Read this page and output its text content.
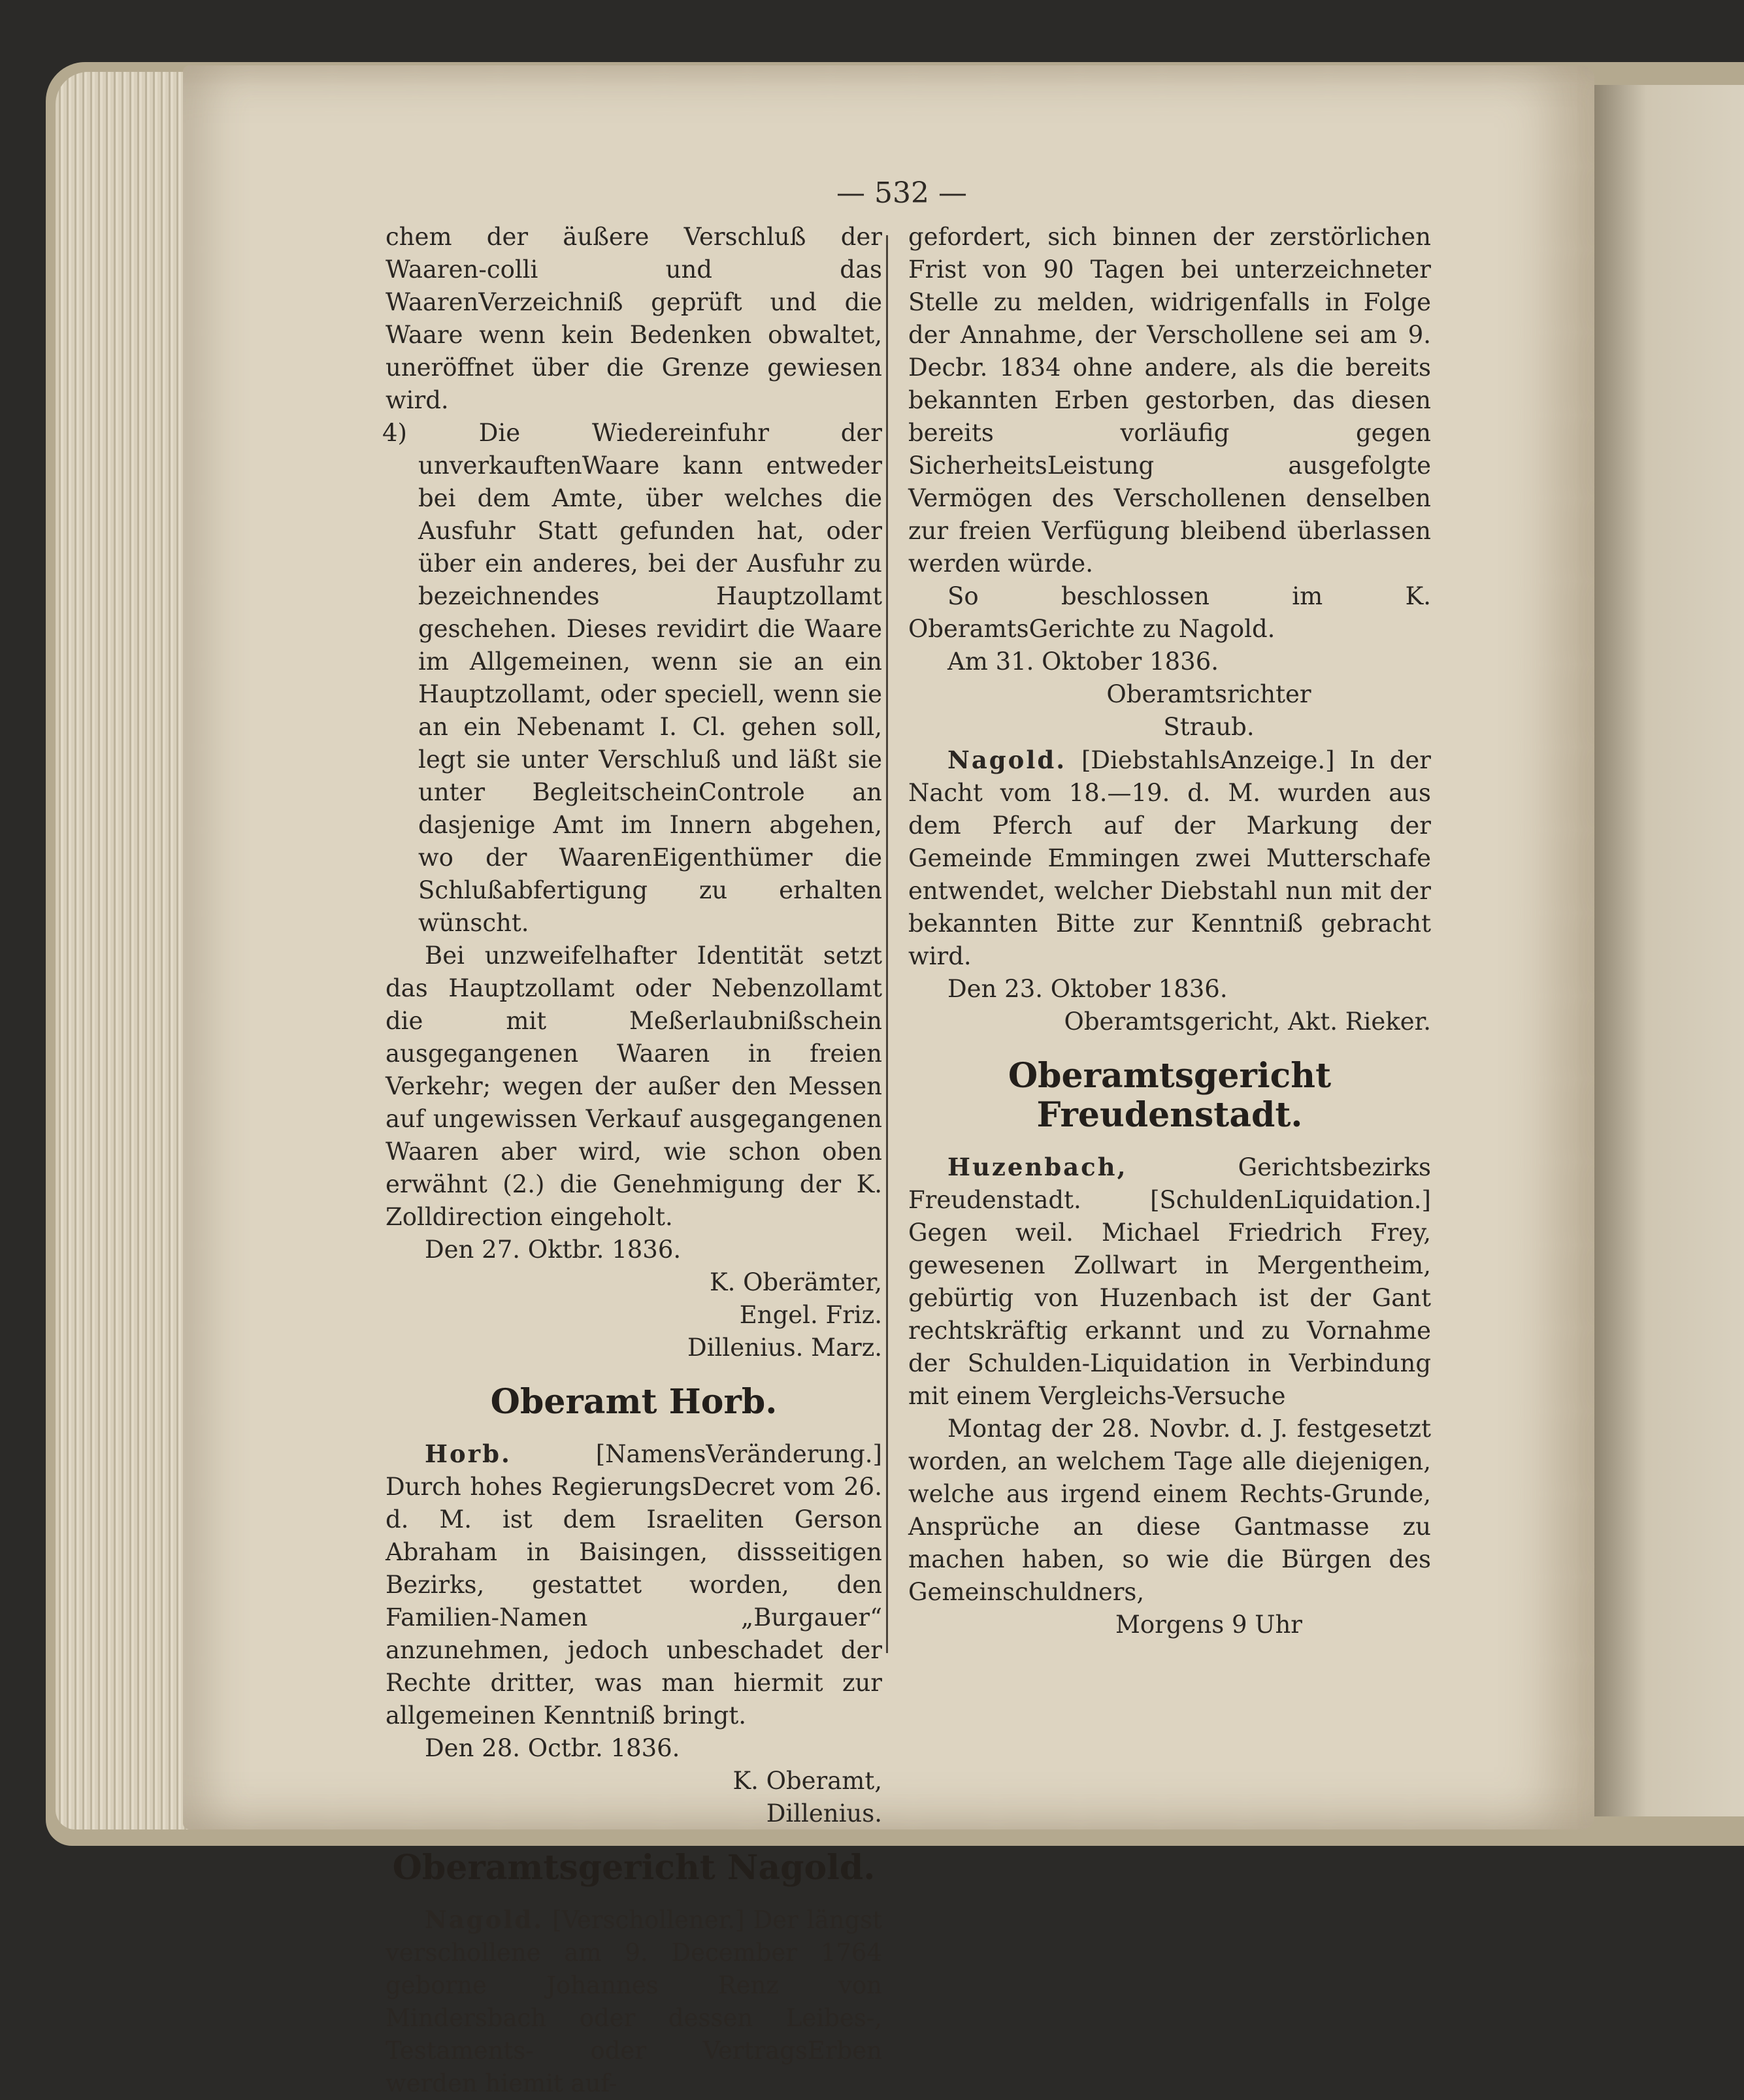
— 532 —

chem der äußere Verschluß der Waaren-colli und das WaarenVerzeichniß geprüft und die Waare wenn kein Bedenken obwaltet, uneröffnet über die Grenze gewiesen wird.

4) Die Wiedereinfuhr der unverkauftenWaare kann entweder bei dem Amte, über welches die Ausfuhr Statt gefunden hat, oder über ein anderes, bei der Ausfuhr zu bezeichnendes Hauptzollamt geschehen. Dieses revidirt die Waare im Allgemeinen, wenn sie an ein Hauptzollamt, oder speciell, wenn sie an ein Nebenamt I. Cl. gehen soll, legt sie unter Verschluß und läßt sie unter BegleitscheinControle an dasjenige Amt im Innern abgehen, wo der WaarenEigenthümer die Schlußabfertigung zu erhalten wünscht.

Bei unzweifelhafter Identität setzt das Hauptzollamt oder Nebenzollamt die mit Meßerlaubnißschein ausgegangenen Waaren in freien Verkehr; wegen der außer den Messen auf ungewissen Verkauf ausgegangenen Waaren aber wird, wie schon oben erwähnt (2.) die Genehmigung der K. Zolldirection eingeholt.

Den 27. Oktbr. 1836.

K. Oberämter,

Engel. Friz.

Dillenius. Marz.

Oberamt Horb.

Horb. [NamensVeränderung.] Durch hohes RegierungsDecret vom 26. d. M. ist dem Israeliten Gerson Abraham in Baisingen, dissseitigen Bezirks, gestattet worden, den Familien-Namen „Burgauer“ anzunehmen, jedoch unbeschadet der Rechte dritter, was man hiermit zur allgemeinen Kenntniß bringt.

Den 28. Octbr. 1836.

K. Oberamt,

Dillenius.

Oberamtsgericht Nagold.

Nagold. [Verschollener.] Der längst verschollene am 9. December 1764 geborne Johannes Renz von Mindersbach oder dessen Leibes-, Testaments- oder VertragsErben werden hiemit auf-

gefordert, sich binnen der zerstörlichen Frist von 90 Tagen bei unterzeichneter Stelle zu melden, widrigenfalls in Folge der Annahme, der Verschollene sei am 9. Decbr. 1834 ohne andere, als die bereits bekannten Erben gestorben, das diesen bereits vorläufig gegen SicherheitsLeistung ausgefolgte Vermögen des Verschollenen denselben zur freien Verfügung bleibend überlassen werden würde.

So beschlossen im K. OberamtsGerichte zu Nagold.

Am 31. Oktober 1836.

Oberamtsrichter

Straub.

Nagold. [DiebstahlsAnzeige.] In der Nacht vom 18.—19. d. M. wurden aus dem Pferch auf der Markung der Gemeinde Emmingen zwei Mutterschafe entwendet, welcher Diebstahl nun mit der bekannten Bitte zur Kenntniß gebracht wird.

Den 23. Oktober 1836.

Oberamtsgericht, Akt. Rieker.

Oberamtsgericht Freudenstadt.

Huzenbach, Gerichtsbezirks Freudenstadt. [SchuldenLiquidation.] Gegen weil. Michael Friedrich Frey, gewesenen Zollwart in Mergentheim, gebürtig von Huzenbach ist der Gant rechtskräftig erkannt und zu Vornahme der Schulden-Liquidation in Verbindung mit einem Vergleichs-Versuche

Montag der 28. Novbr. d. J. festgesetzt worden, an welchem Tage alle diejenigen, welche aus irgend einem Rechts-Grunde, Ansprüche an diese Gantmasse zu machen haben, so wie die Bürgen des Gemeinschuldners,

Morgens 9 Uhr
